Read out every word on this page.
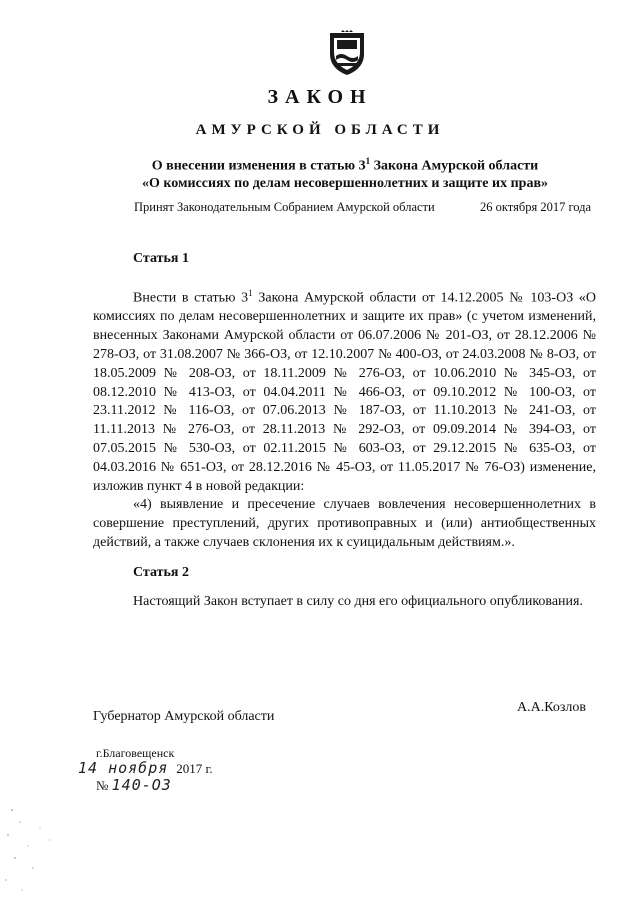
ЗАКОН
АМУРСКОЙ ОБЛАСТИ
О внесении изменения в статью $3^1$ Закона Амурской области
«О комиссиях по делам несовершеннолетних и защите их прав»
Принят Законодательным Собранием Амурской области	26 октября 2017 года
Статья 1

Внести в статью $3^1$ Закона Амурской области от 14.12.2005 № 103-ОЗ «О комиссиях по делам несовершеннолетних и защите их прав» (с учетом изменений, внесенных Законами Амурской области от 06.07.2006 № 201-ОЗ, от 28.12.2006 № 278-ОЗ, от 31.08.2007 № 366-ОЗ, от 12.10.2007 № 400-ОЗ, от 24.03.2008 № 8-ОЗ, от 18.05.2009 № 208-ОЗ, от 18.11.2009 № 276-ОЗ, от 10.06.2010 № 345-ОЗ, от 08.12.2010 № 413-ОЗ, от 04.04.2011 № 466-ОЗ, от 09.10.2012 № 100-ОЗ, от 23.11.2012 № 116-ОЗ, от 07.06.2013 № 187-ОЗ, от 11.10.2013 № 241-ОЗ, от 11.11.2013 № 276-ОЗ, от 28.11.2013 № 292-ОЗ, от 09.09.2014 № 394-ОЗ, от 07.05.2015 № 530-ОЗ, от 02.11.2015 № 603-ОЗ, от 29.12.2015 № 635-ОЗ, от 04.03.2016 № 651-ОЗ, от 28.12.2016 № 45-ОЗ, от 11.05.2017 № 76-ОЗ) изменение, изложив пункт 4 в новой редакции:

«4) выявление и пресечение случаев вовлечения несовершеннолетних в совершение преступлений, других противоправных и (или) антиобщественных действий, а также случаев склонения их к суицидальным действиям.».

Статья 2

Настоящий Закон вступает в силу со дня его официального опубликования.

Губернатор Амурской области
А.А.Козлов
г.Благовещенск
14 ноября 2017 г.
№ 140-ОЗ
